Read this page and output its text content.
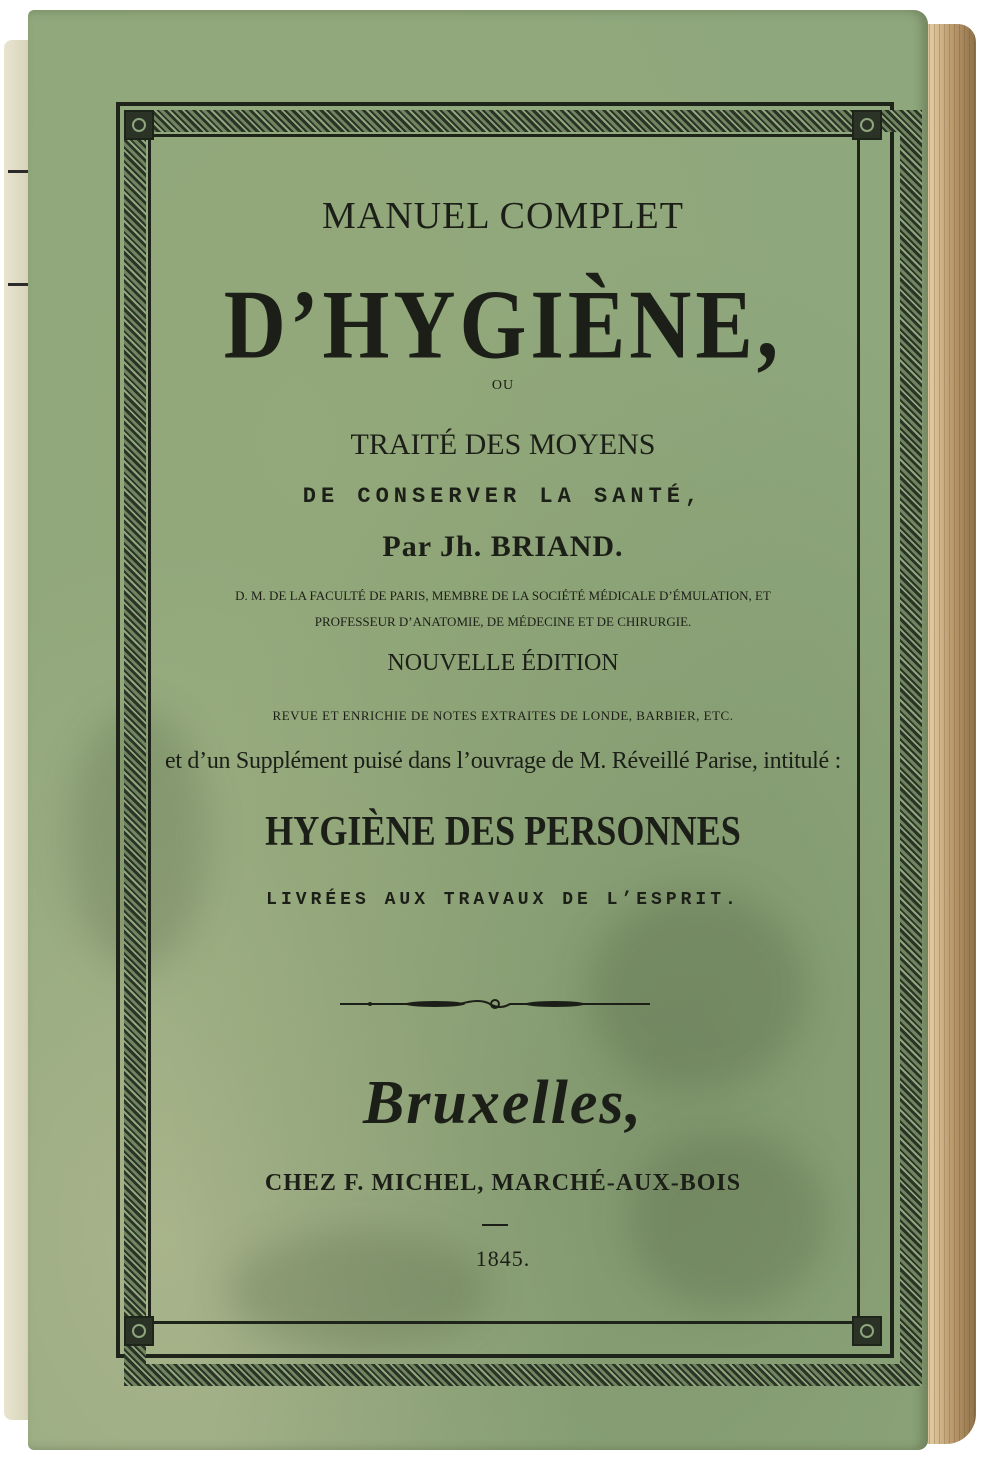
MANUEL COMPLET
D’HYGIÈNE,
OU
TRAITÉ DES MOYENS
DE CONSERVER LA SANTÉ,
Par Jh. BRIAND.
D. M. DE LA FACULTÉ DE PARIS, MEMBRE DE LA SOCIÉTÉ MÉDICALE D’ÉMULATION, ET
PROFESSEUR D’ANATOMIE, DE MÉDECINE ET DE CHIRURGIE.
NOUVELLE ÉDITION
REVUE ET ENRICHIE DE NOTES EXTRAITES DE LONDE, BARBIER, ETC.
et d’un Supplément puisé dans l’ouvrage de M. Réveillé Parise, intitulé :
HYGIÈNE DES PERSONNES
LIVRÉES AUX TRAVAUX DE L’ESPRIT.
Bruxelles,
CHEZ F. MICHEL, MARCHÉ-AUX-BOIS
1845.
